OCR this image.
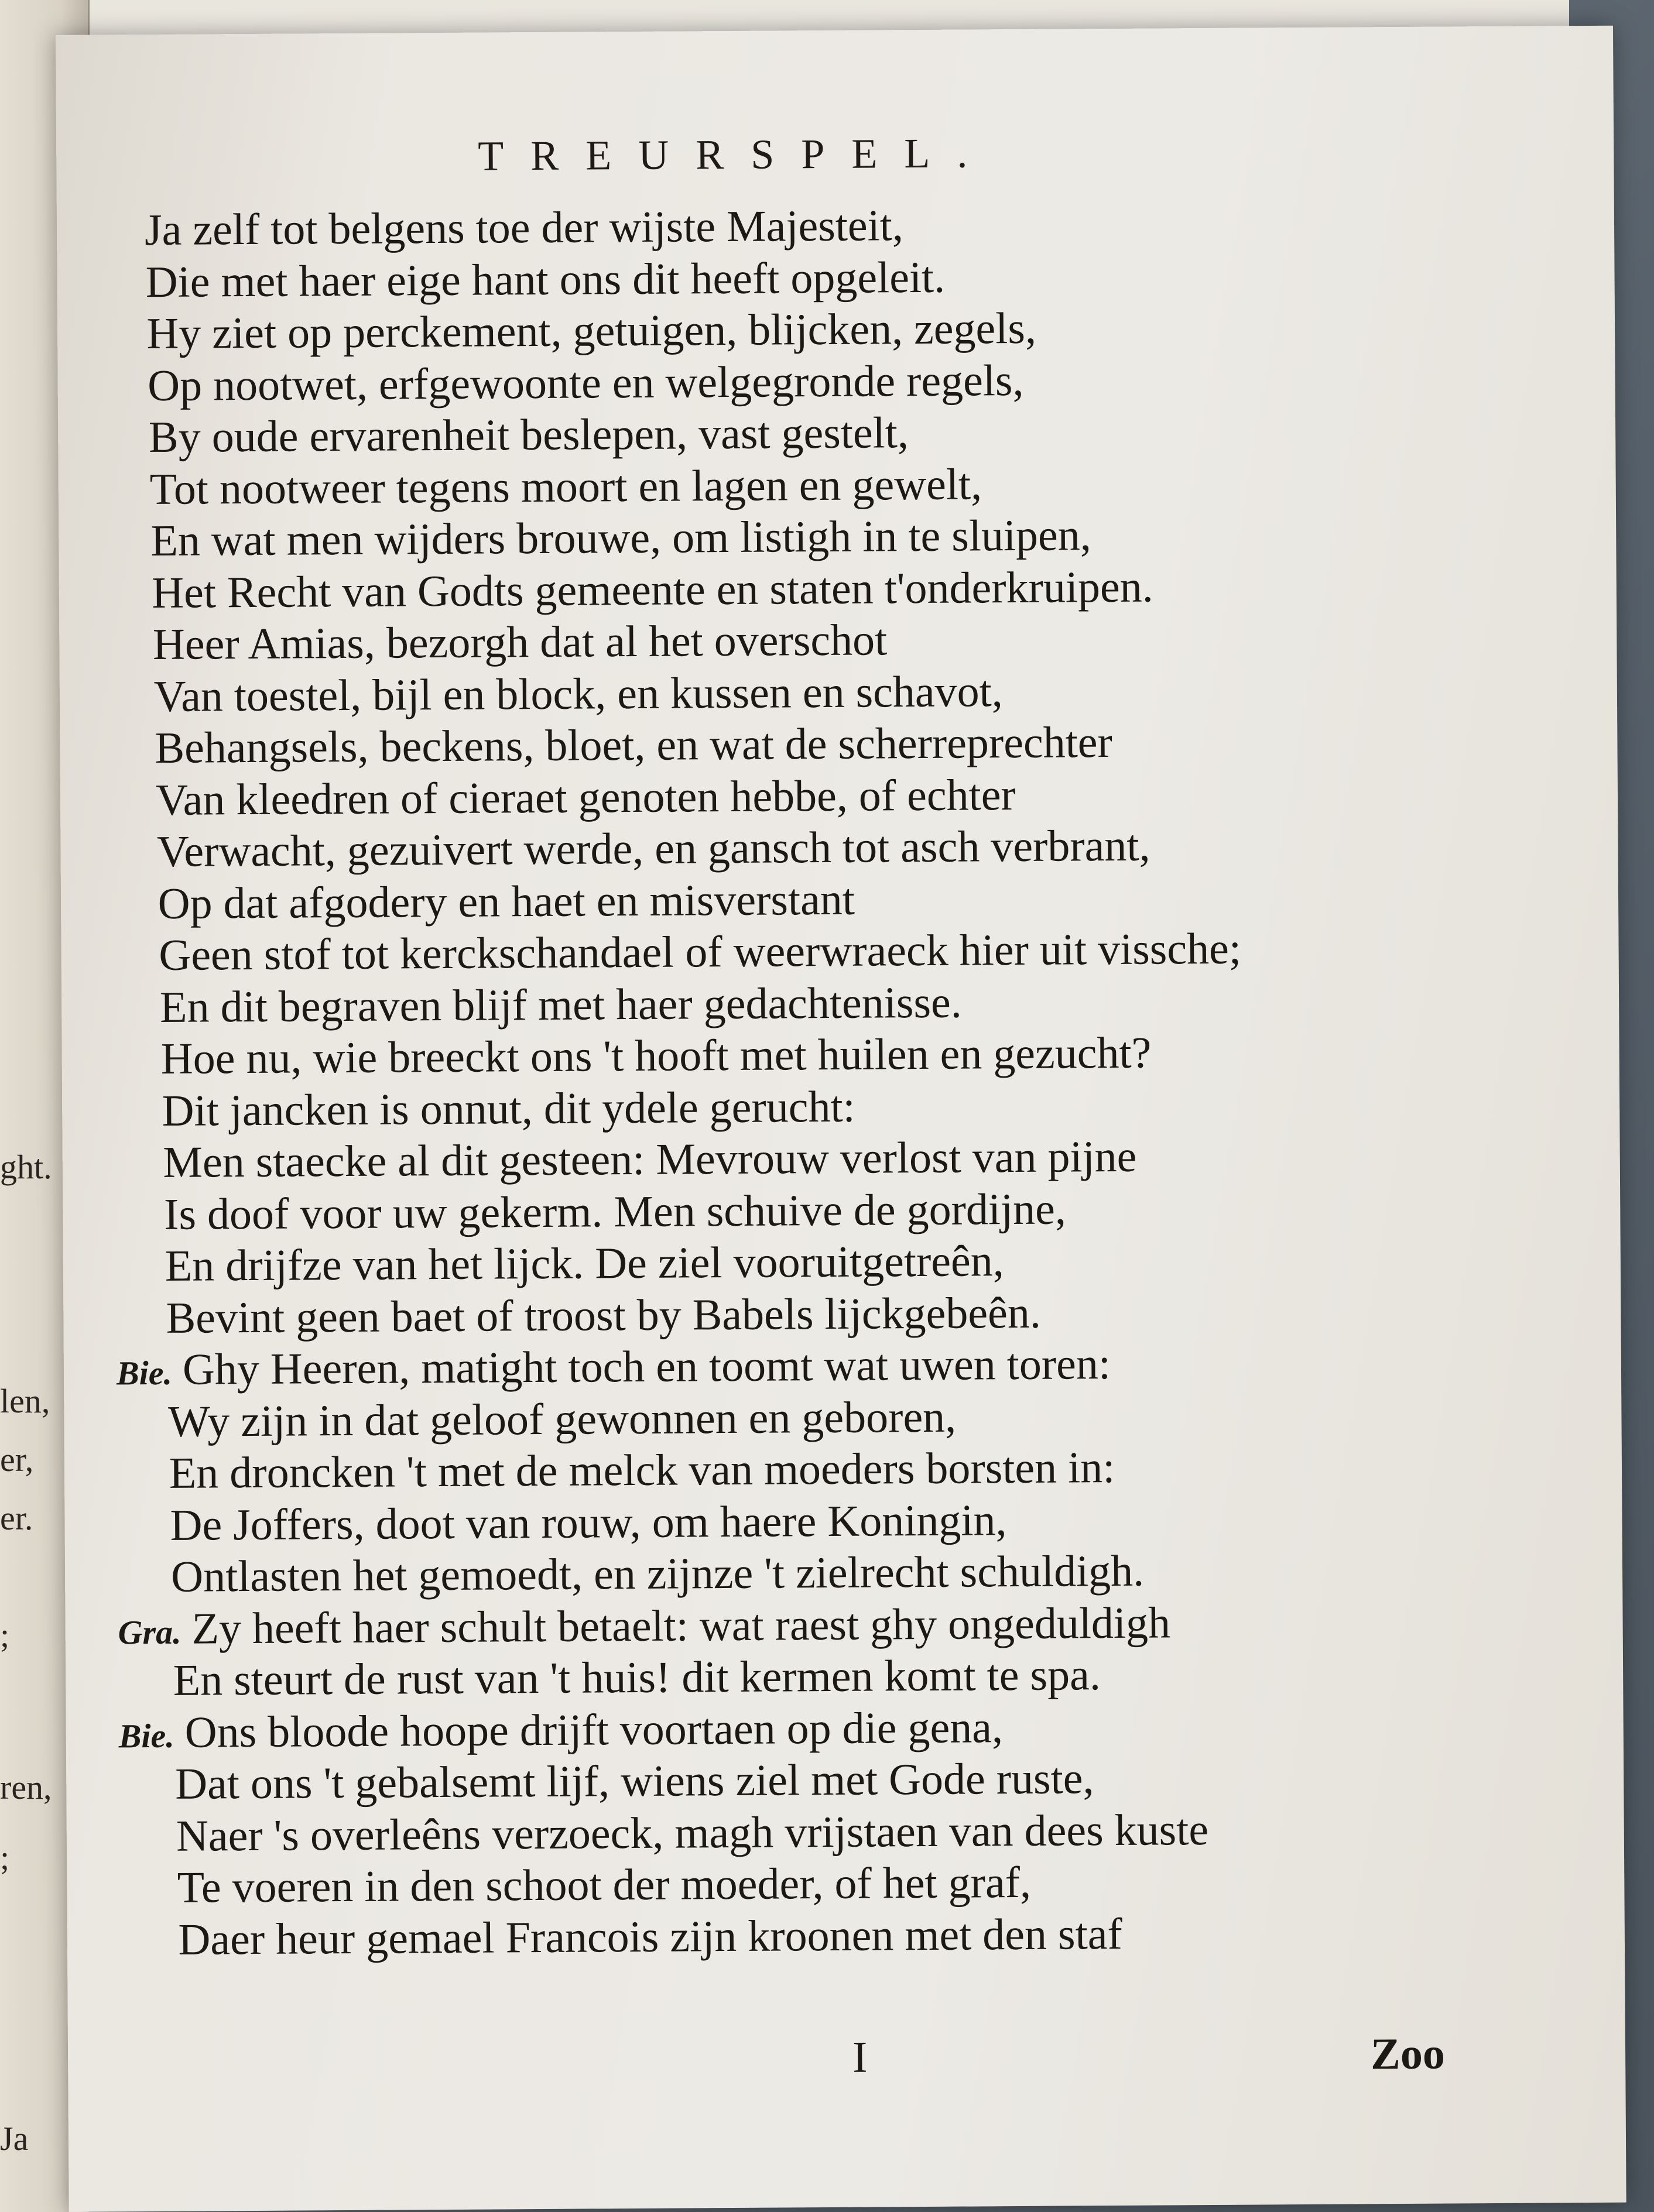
ght.
len,
er,
er.
;
ren,
;
Ja
TREURSPEL.
Ja zelf tot belgens toe der wijste Majesteit,
Die met haer eige hant ons dit heeft opgeleit.
Hy ziet op perckement, getuigen, blijcken, zegels,
Op nootwet, erfgewoonte en welgegronde regels,
By oude ervarenheit beslepen, vast gestelt,
Tot nootweer tegens moort en lagen en gewelt,
En wat men wijders brouwe, om listigh in te sluipen,
Het Recht van Godts gemeente en staten t'onderkruipen.
Heer Amias, bezorgh dat al het overschot
Van toestel, bijl en block, en kussen en schavot,
Behangsels, beckens, bloet, en wat de scherreprechter
Van kleedren of cieraet genoten hebbe, of echter
Verwacht, gezuivert werde, en gansch tot asch verbrant,
Op dat afgodery en haet en misverstant
Geen stof tot kerckschandael of weerwraeck hier uit vissche;
En dit begraven blijf met haer gedachtenisse.
Hoe nu, wie breeckt ons 't hooft met huilen en gezucht?
Dit jancken is onnut, dit ydele gerucht:
Men staecke al dit gesteen: Mevrouw verlost van pijne
Is doof voor uw gekerm. Men schuive de gordijne,
En drijfze van het lijck. De ziel vooruitgetreên,
Bevint geen baet of troost by Babels lijckgebeên.
Bie. Ghy Heeren, matight toch en toomt wat uwen toren:
Wy zijn in dat geloof gewonnen en geboren,
En droncken 't met de melck van moeders borsten in:
De Joffers, doot van rouw, om haere Koningin,
Ontlasten het gemoedt, en zijnze 't zielrecht schuldigh.
Gra. Zy heeft haer schult betaelt: wat raest ghy ongeduldigh
En steurt de rust van 't huis! dit kermen komt te spa.
Bie. Ons bloode hoope drijft voortaen op die gena,
Dat ons 't gebalsemt lijf, wiens ziel met Gode ruste,
Naer 's overleêns verzoeck, magh vrijstaen van dees kuste
Te voeren in den schoot der moeder, of het graf,
Daer heur gemael Francois zijn kroonen met den staf
I	Zoo
